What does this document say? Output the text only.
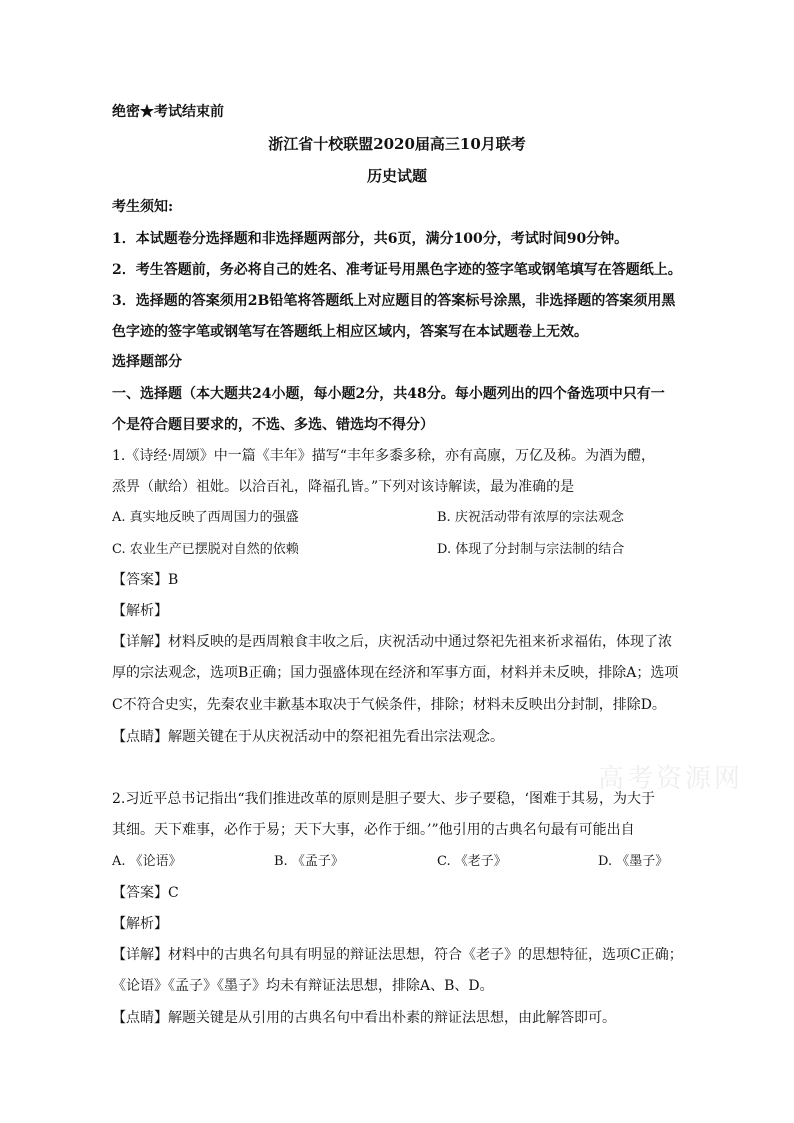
绝密★考试结束前
浙江省十校联盟2020届高三10月联考
历史试题
考生须知:
1．本试题卷分选择题和非选择题两部分，共6页，满分100分，考试时间90分钟。
2．考生答题前，务必将自己的姓名、准考证号用黑色字迹的签字笔或钢笔填写在答题纸上。
3．选择题的答案须用2B铅笔将答题纸上对应题目的答案标号涂黑，非选择题的答案须用黑
色字迹的签字笔或钢笔写在答题纸上相应区域内，答案写在本试题卷上无效。
选择题部分
一、选择题（本大题共24小题，每小题2分，共48分。每小题列出的四个备选项中只有一
个是符合题目要求的，不选、多选、错选均不得分）
1.《诗经·周颂》中一篇《丰年》描写“丰年多黍多稌，亦有高廪，万亿及秭。为酒为醴，
烝畀（献给）祖妣。以洽百礼，降福孔皆。”下列对该诗解读，最为准确的是
A. 真实地反映了西周国力的强盛	B. 庆祝活动带有浓厚的宗法观念
C. 农业生产已摆脱对自然的依赖	D. 体现了分封制与宗法制的结合
【答案】B
【解析】
【详解】材料反映的是西周粮食丰收之后，庆祝活动中通过祭祀先祖来祈求福佑，体现了浓
厚的宗法观念，选项B正确；国力强盛体现在经济和军事方面，材料并未反映，排除A；选项
C不符合史实，先秦农业丰歉基本取决于气候条件，排除；材料未反映出分封制，排除D。
【点睛】解题关键在于从庆祝活动中的祭祀祖先看出宗法观念。
高考资源网
2.习近平总书记指出“我们推进改革的原则是胆子要大、步子要稳，‘图难于其易，为大于
其细。天下难事，必作于易；天下大事，必作于细。’”他引用的古典名句最有可能出自
A. 《论语》	B. 《孟子》	C. 《老子》	D. 《墨子》
【答案】C
【解析】
【详解】材料中的古典名句具有明显的辩证法思想，符合《老子》的思想特征，选项C正确；
《论语》《孟子》《墨子》均未有辩证法思想，排除A、B、D。
【点睛】解题关键是从引用的古典名句中看出朴素的辩证法思想，由此解答即可。
